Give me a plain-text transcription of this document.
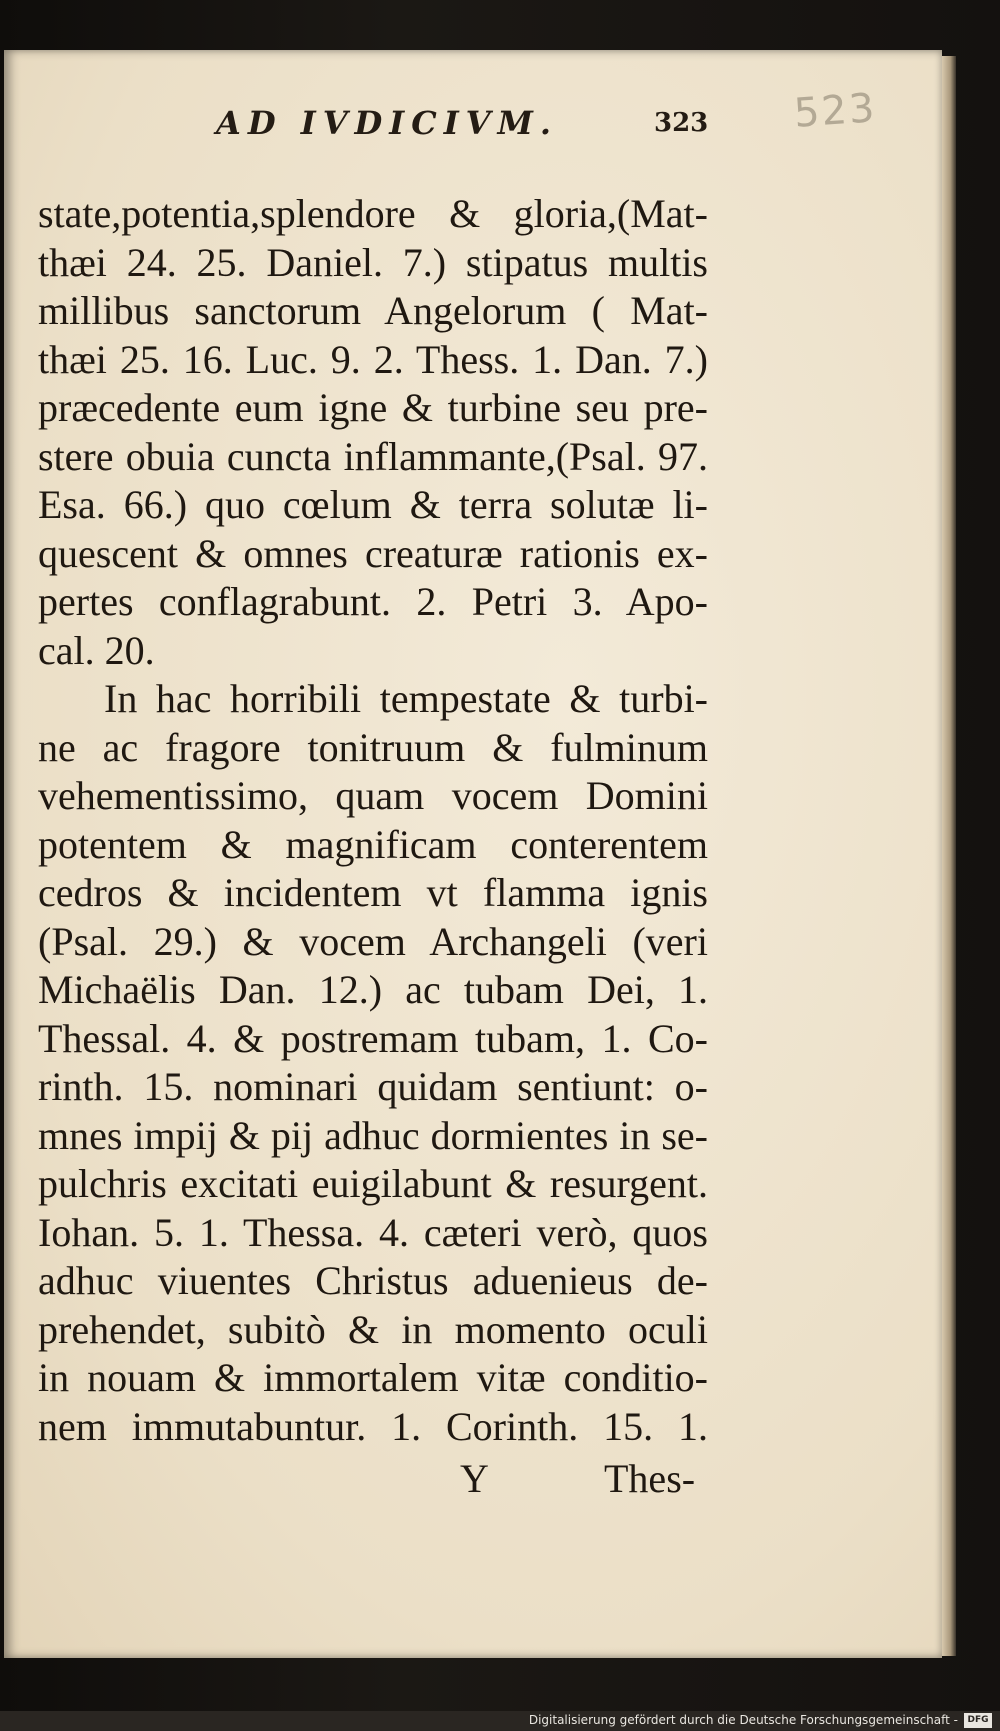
AD IVDICIVM.	323 523
state,potentia,splendore & gloria,(Mat-
thæi 24. 25. Daniel. 7.) stipatus multis
millibus sanctorum Angelorum ( Mat-
thæi 25. 16. Luc. 9. 2. Thess. 1. Dan. 7.)
præcedente eum igne & turbine seu pre-
stere obuia cuncta inflammante,(Psal. 97.
Esa. 66.) quo cœlum & terra solutæ li-
quescent & omnes creaturæ rationis ex-
pertes conflagrabunt. 2. Petri 3. Apo-
cal. 20.
In hac horribili tempestate & turbi-
ne ac fragore tonitruum & fulminum
vehementissimo, quam vocem Domini
potentem & magnificam conterentem
cedros & incidentem vt flamma ignis
(Psal. 29.) & vocem Archangeli (veri
Michaëlis Dan. 12.) ac tubam Dei, 1.
Thessal. 4. & postremam tubam, 1. Co-
rinth. 15. nominari quidam sentiunt: o-
mnes impij & pij adhuc dormientes in se-
pulchris excitati euigilabunt & resurgent.
Iohan. 5. 1. Thessa. 4. cæteri verò, quos
adhuc viuentes Christus aduenieus de-
prehendet, subitò & in momento oculi
in nouam & immortalem vitæ conditio-
nem immutabuntur. 1. Corinth. 15. 1.
Y	Thes-
Digitalisierung gefördert durch die Deutsche Forschungsgemeinschaft -	DFG
